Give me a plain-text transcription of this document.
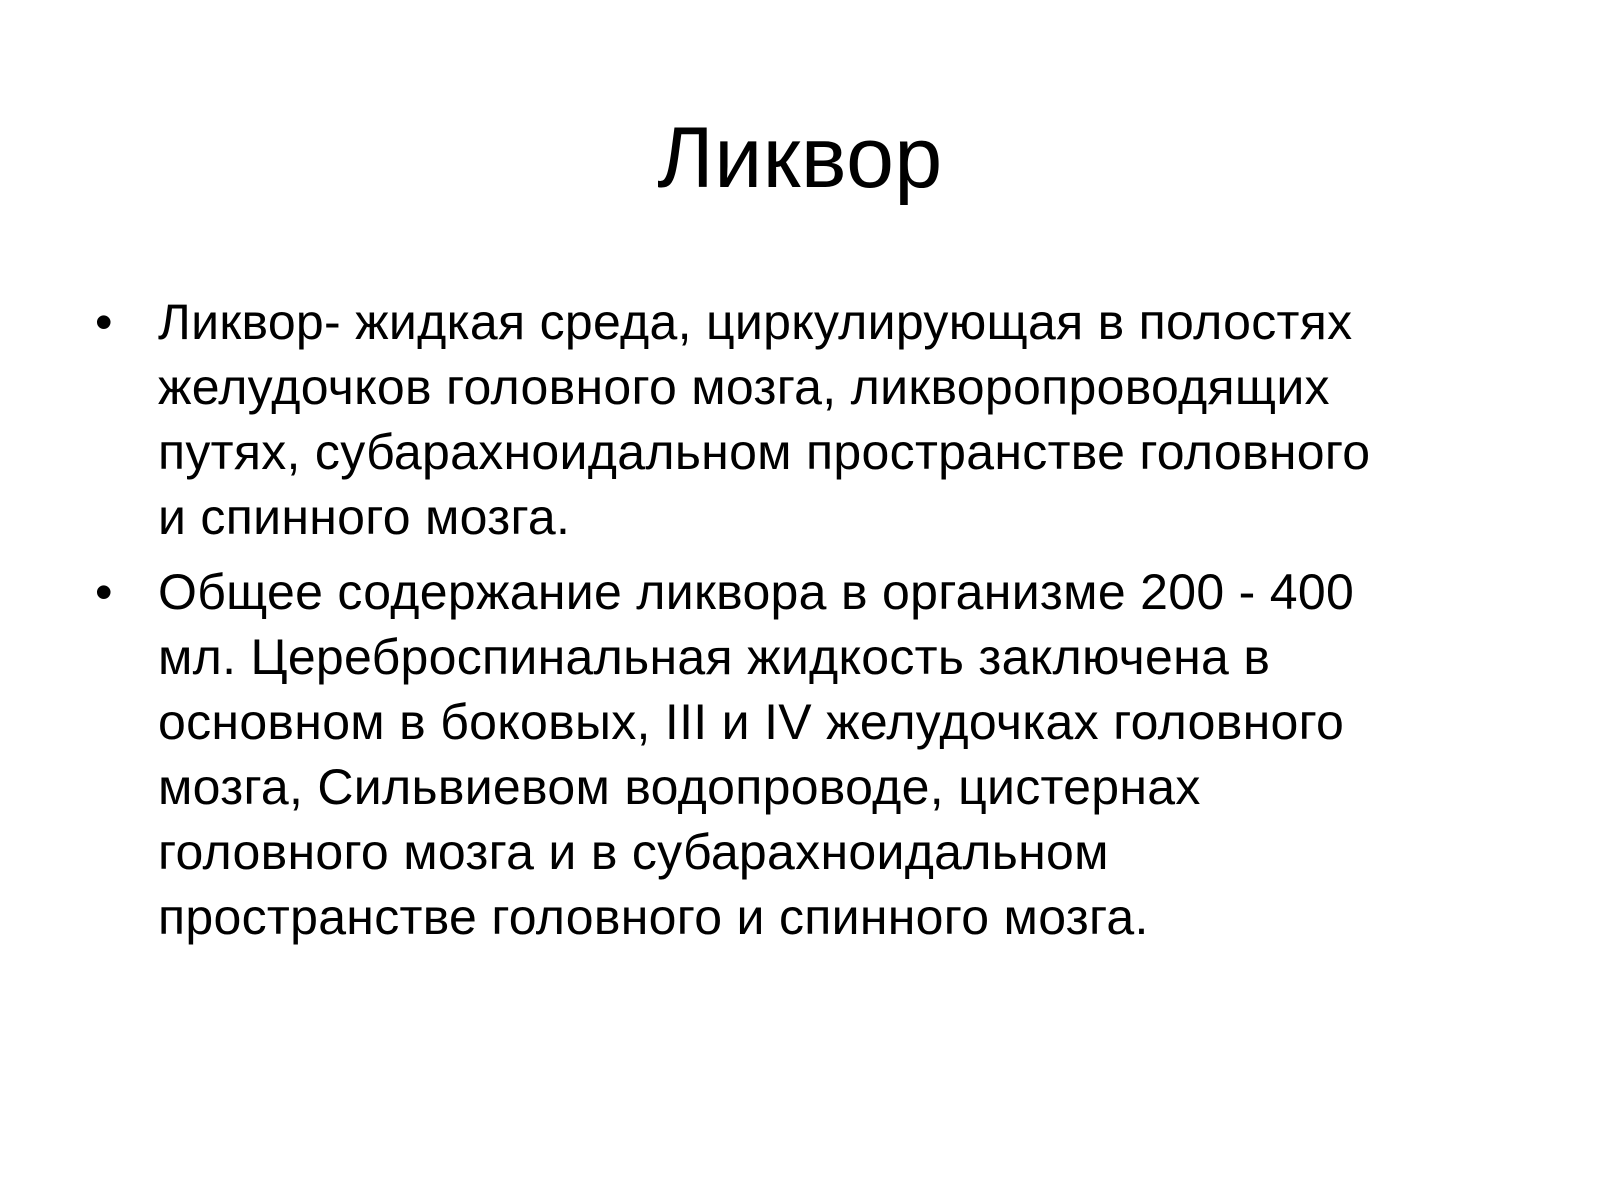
Ликвор
• Ликвор- жидкая среда, циркулирующая в полостях
желудочков головного мозга, ликворопроводящих
путях, субарахноидальном пространстве головного
и спинного мозга.
• Общее содержание ликвора в организме 200 - 400
мл. Цереброспинальная жидкость заключена в
основном в боковых, III и IV желудочках головного
мозга, Сильвиевом водопроводе, цистернах
головного мозга и в субарахноидальном
пространстве головного и спинного мозга.
